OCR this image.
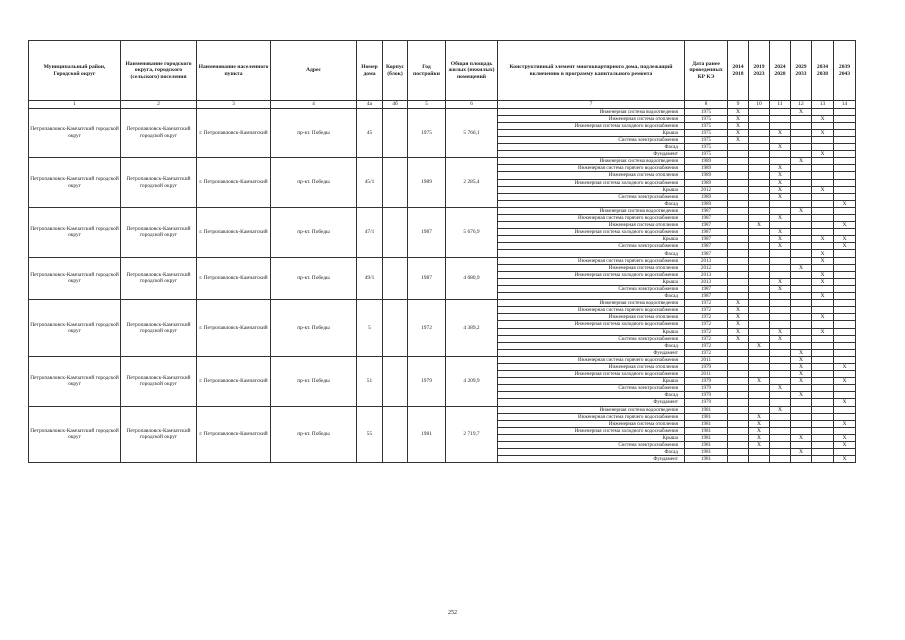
Муниципальный район, Городской округ	Наименование городского округа, городского (сельского) поселения	Наименование населенного пункта	Адрес	Номер дома	Корпус (блок)	Год постройки	Общая площадь жилых (нежилых) помещений	Конструктивный элемент многоквартирного дома, подлежащий включению в программу капитального ремонта	Дата ранее проведенных КР КЭ	2014 2018	2019 2023	2024 2028	2029 2033	2034 2038	2039 2043
1	2	3	4	4а	4б	5	6	7	8	9	10	11	12	13	14
Петропавловск-Камчатский городской округ	Петропавловск-Камчатский городской округ	г. Петропавловск-Камчатский	пр-кт. Победы	45		1975	5 766,1	Инженерная система водоотведения	1975	X			X		
								Инженерная система отопления	1975	X				X	
								Инженерная система холодного водоснабжения	1975	X					
								Крыша	1975	X		X		X	
								Система электроснабжения	1975	X					
								Фасад	1975			X			
								Фундамент	1975					X	
Петропавловск-Камчатский городской округ	Петропавловск-Камчатский городской округ	г. Петропавловск-Камчатский	пр-кт. Победы	45/1		1989	2 285,4	Инженерная система водоотведения	1989				X		
								Инженерная система горячего водоснабжения	1989			X			
								Инженерная система отопления	1989			X			
								Инженерная система холодного водоснабжения	1989			X			
								Крыша	2012			X		X	
								Система электроснабжения	1989			X			
								Фасад	1989						X
Петропавловск-Камчатский городской округ	Петропавловск-Камчатский городской округ	г. Петропавловск-Камчатский	пр-кт. Победы	47/1		1987	5 676,9	Инженерная система водоотведения	1987				X		
								Инженерная система горячего водоснабжения	1987			X			
								Инженерная система отопления	1987		X				X
								Инженерная система холодного водоснабжения	1987			X			
								Крыша	1987			X		X	X
								Система электроснабжения	1987			X			X
								Фасад	1987					X	
Петропавловск-Камчатский городской округ	Петропавловск-Камчатский городской округ	г. Петропавловск-Камчатский	пр-кт. Победы	49/1		1987	4 680,9	Инженерная система горячего водоснабжения	2013					X	
								Инженерная система отопления	2012				X		
								Инженерная система холодного водоснабжения	2013					X	
								Крыша	2013			X		X	
								Система электроснабжения	1987			X			
								Фасад	1987					X	
Петропавловск-Камчатский городской округ	Петропавловск-Камчатский городской округ	г. Петропавловск-Камчатский	пр-кт. Победы	5		1972	4 389,2	Инженерная система водоотведения	1972	X					
								Инженерная система горячего водоснабжения	1972	X					
								Инженерная система отопления	1972	X				X	
								Инженерная система холодного водоснабжения	1972	X					
								Крыша	1972	X		X		X	
								Система электроснабжения	1972	X		X			
								Фасад	1972		X				
								Фундамент	1972				X		
Петропавловск-Камчатский городской округ	Петропавловск-Камчатский городской округ	г. Петропавловск-Камчатский	пр-кт. Победы	51		1979	4 209,9	Инженерная система горячего водоснабжения	2011				X		
								Инженерная система отопления	1979				X		X
								Инженерная система холодного водоснабжения	2011				X		
								Крыша	1979		X		X		X
								Система электроснабжения	1979			X			
								Фасад	1979				X		
								Фундамент	1979						X
Петропавловск-Камчатский городской округ	Петропавловск-Камчатский городской округ	г. Петропавловск-Камчатский	пр-кт. Победы	55		1981	2 719,7	Инженерная система водоотведения	1981			X			
								Инженерная система горячего водоснабжения	1981		X				
								Инженерная система отопления	1981		X				X
								Инженерная система холодного водоснабжения	1981		X				
								Крыша	1981		X		X		X
								Система электроснабжения	1981		X				X
								Фасад	1981				X		
								Фундамент	1981						X
252
